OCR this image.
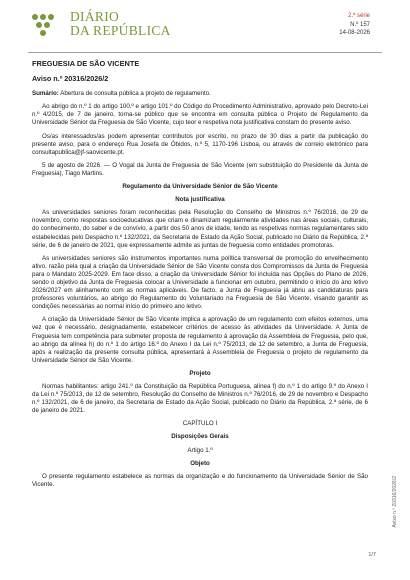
DIÁRIO
DA REPÚBLICA
2.ª série
N.º 157
14-08-2026
FREGUESIA DE SÃO VICENTE
Aviso n.º 20316/2026/2

Sumário: Abertura de consulta pública a projeto de regulamento.

Ao abrigo do n.º 1 do artigo 100.º e artigo 101.º do Código do Procedimento Administrativo, aprovado pelo Decreto-Lei n.º 4/2015, de 7 de janeiro, torna-se público que se encontra em consulta pública o Projeto de Regulamento da Universidade Sénior da Freguesia de São Vicente, cujo teor e respetiva nota justificativa constam do presente aviso.

Os/as interessados/as podem apresentar contributos por escrito, no prazo de 30 dias a partir da publicação do presente aviso, para o endereço Rua Josefa de Óbidos, n.º 5, 1170-196 Lisboa, ou através de correio eletrónico para consultapublica@jf-saovicente.pt.

5 de agosto de 2026. — O Vogal da Junta de Freguesia de São Vicente (em substituição do Presidente da Junta de Freguesia), Tiago Martins.

Regulamento da Universidade Sénior de São Vicente

Nota justificativa

As universidades seniores foram reconhecidas pela Resolução do Conselho de Ministros n.º 76/2016, de 29 de novembro, como respostas socioeducativas que criam e dinamizam regularmente atividades nas áreas sociais, culturais, do conhecimento, do saber e de convívio, a partir dos 50 anos de idade, tendo as respetivas normas regulamentares sido estabelecidas pelo Despacho n.º 132/2021, da Secretaria de Estado da Ação Social, publicado no Diário da República, 2.ª série, de 6 de janeiro de 2021, que expressamente admite as juntas de freguesia como entidades promotoras.

As universidades seniores são instrumentos importantes numa política transversal de promoção do envelhecimento ativo, razão pela qual a criação da Universidade Sénior de São Vicente consta dos Compromissos da Junta de Freguesia para o Mandato 2025-2029. Em face disso, a criação da Universidade Sénior foi incluída nas Opções do Plano de 2026, sendo o objetivo da Junta de Freguesia colocar a Universidade a funcionar em outubro, permitindo o início do ano letivo 2026/2027 em alinhamento com as normas aplicáveis. De facto, a Junta de Freguesia já abriu as candidaturas para professores voluntários, ao abrigo do Regulamento do Voluntariado na Freguesia de São Vicente, visando garantir as condições necessárias ao normal início do primeiro ano letivo.

A criação da Universidade Sénior de São Vicente implica a aprovação de um regulamento com efeitos externos, uma vez que é necessário, designadamente, estabelecer critérios de acesso às atividades da Universidade. A Junta de Freguesia tem competência para submeter proposta de regulamento à aprovação da Assembleia de Freguesia, pelo que, ao abrigo da alínea h) do n.º 1 do artigo 16.º do Anexo I da Lei n.º 75/2013, de 12 de setembro, a Junta de Freguesia, após a realização da presente consulta pública, apresentará à Assembleia de Freguesia o projeto de regulamento da Universidade Sénior de São Vicente.

Projeto

Normas habilitantes: artigo 241.º da Constituição da República Portuguesa, alínea f) do n.º 1 do artigo 9.º do Anexo I da Lei n.º 75/2013, de 12 de setembro, Resolução do Conselho de Ministros n.º 76/2016, de 29 de novembro e Despacho n.º 132/2021, de 6 de janeiro, da Secretaria de Estado da Ação Social, publicado no Diário da República, 2.ª série, de 6 de janeiro de 2021.

CAPÍTULO I

Disposições Gerais

Artigo 1.º

Objeto

O presente regulamento estabelece as normas da organização e do funcionamento da Universidade Sénior de São Vicente.	Aviso n.º 20316/2026/2
1/7
